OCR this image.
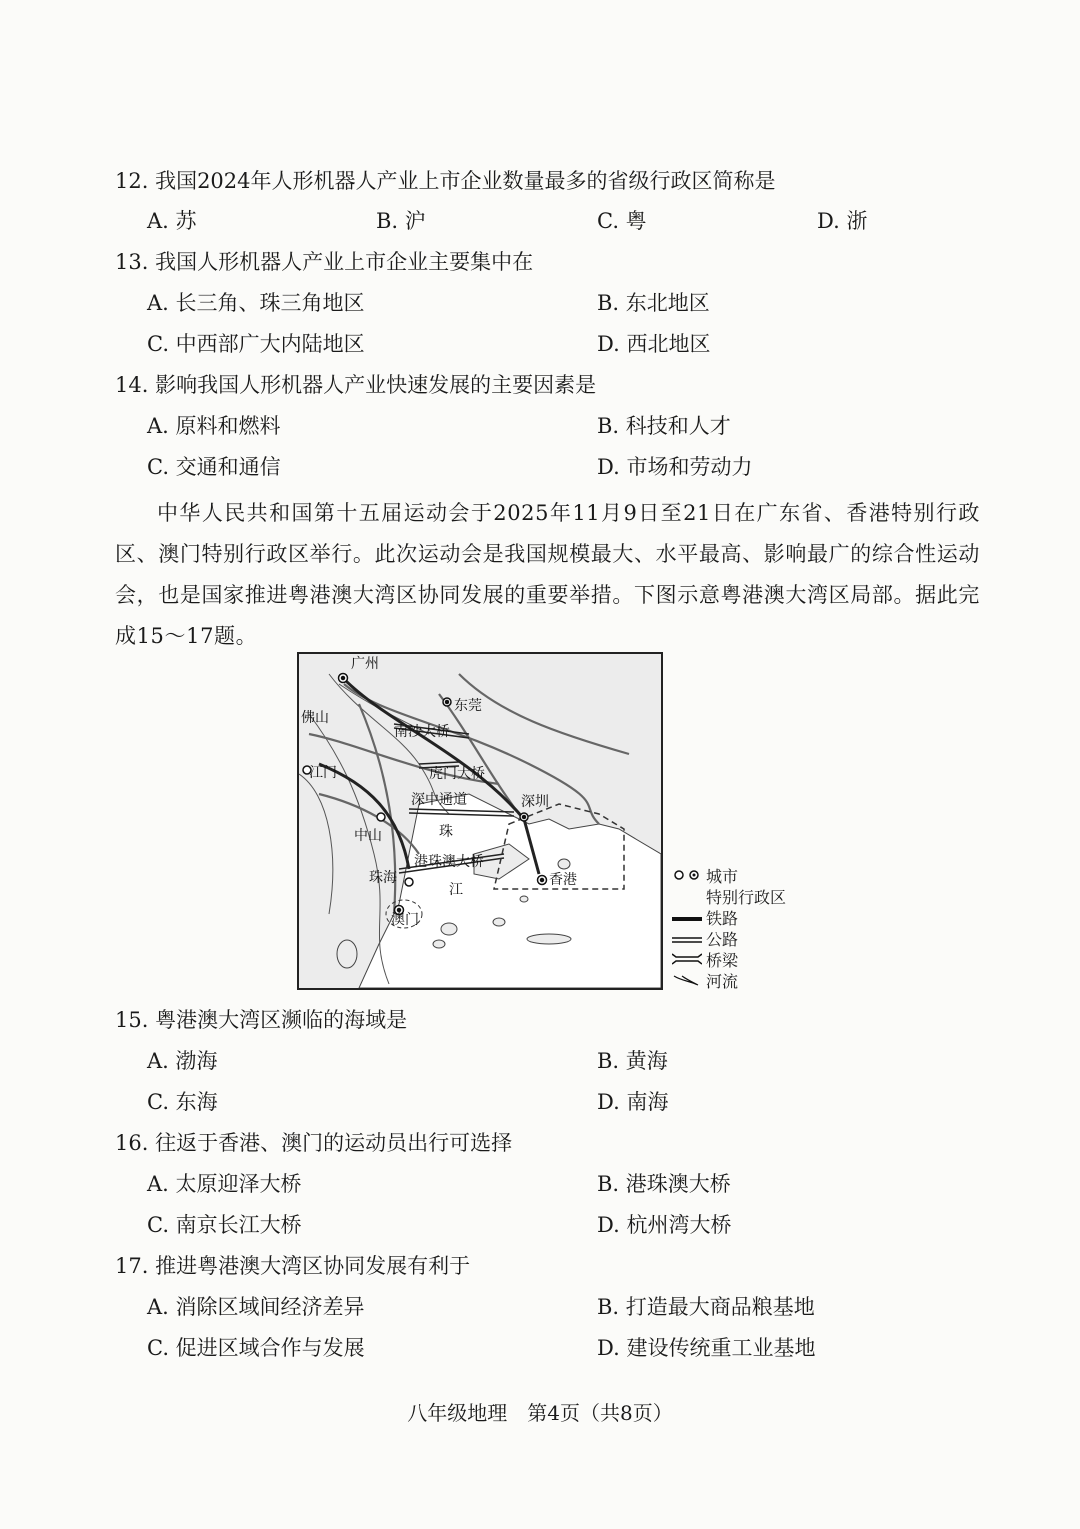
12. 我国2024年人形机器人产业上市企业数量最多的省级行政区简称是
A. 苏	B. 沪	C. 粤	D. 浙
13. 我国人形机器人产业上市企业主要集中在
A. 长三角、珠三角地区	B. 东北地区
C. 中西部广大内陆地区	D. 西北地区
14. 影响我国人形机器人产业快速发展的主要因素是
A. 原料和燃料	B. 科技和人才
C. 交通和通信	D. 市场和劳动力
中华人民共和国第十五届运动会于2025年11月9日至21日在广东省、香港特别行政区、澳门特别行政区举行。此次运动会是我国规模最大、水平最高、影响最广的综合性运动会，也是国家推进粤港澳大湾区协同发展的重要举措。下图示意粤港澳大湾区局部。据此完成15～17题。
广州
东莞
佛山
南沙大桥
虎门大桥
江门
深中通道	深圳
中山	珠
港珠澳大桥
珠海
江
香港
澳门
城市
特别行政区
铁路
公路
桥梁
河流
15. 粤港澳大湾区濒临的海域是
A. 渤海	B. 黄海
C. 东海	D. 南海
16. 往返于香港、澳门的运动员出行可选择
A. 太原迎泽大桥	B. 港珠澳大桥
C. 南京长江大桥	D. 杭州湾大桥
17. 推进粤港澳大湾区协同发展有利于
A. 消除区域间经济差异	B. 打造最大商品粮基地
C. 促进区域合作与发展	D. 建设传统重工业基地
八年级地理　第4页（共8页）
